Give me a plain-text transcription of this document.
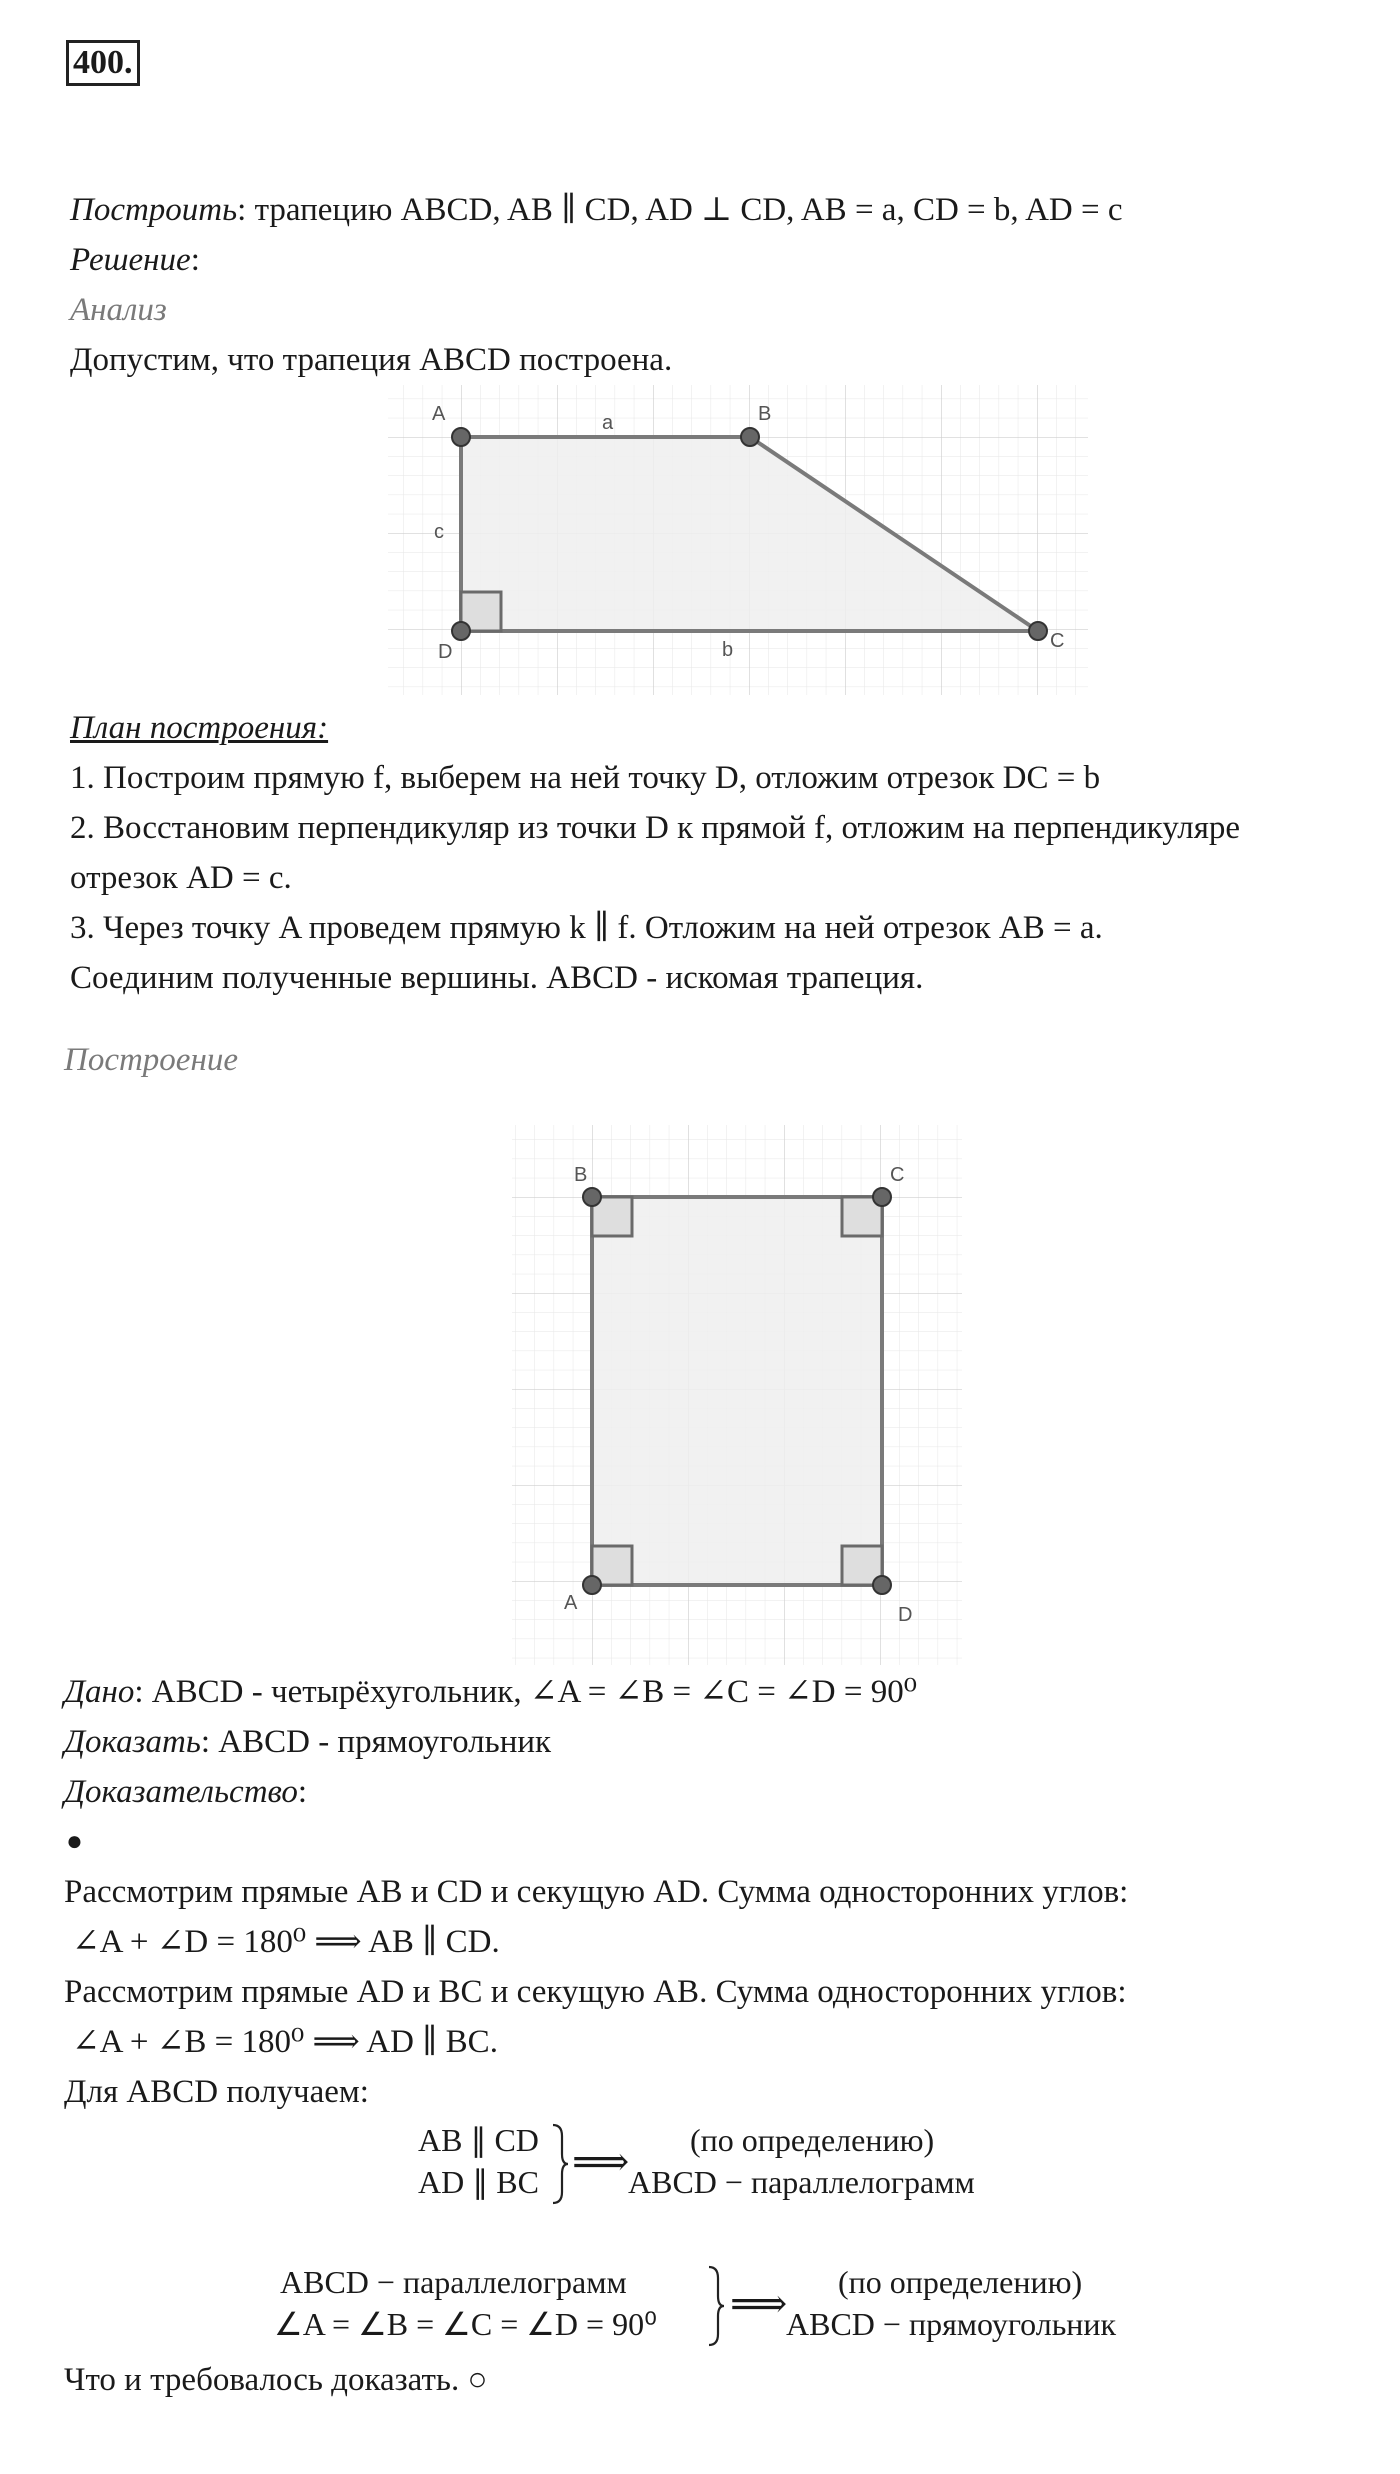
400.
Построить: трапецию ABCD, AB ∥ CD, AD ⊥ CD, AB = a, CD = b, AD = c
Решение:
Анализ
Допустим, что трапеция ABCD построена.
A	B
C
D
a
b
c
План построения:
1. Построим прямую f, выберем на ней точку D, отложим отрезок DC = b
2. Восстановим перпендикуляр из точки D к прямой f, отложим на перпендикуляре
отрезок AD = c.
3. Через точку A проведем прямую k ∥ f. Отложим на ней отрезок AB = a.
Соединим полученные вершины. ABCD - искомая трапеция.
Построение
B	C
A
D
Дано: ABCD - четырёхугольник, ∠A = ∠B = ∠C = ∠D = 90⁰
Доказать: ABCD - прямоугольник
Доказательство:
●
Рассмотрим прямые AB и CD и секущую AD. Сумма односторонних углов:
∠A + ∠D = 180⁰ ⟹ AB ∥ CD.
Рассмотрим прямые AD и BC и секущую AB. Сумма односторонних углов:
∠A + ∠B = 180⁰ ⟹ AD ∥ BC.
Для ABCD получаем:
AB ∥ CD
AD ∥ BC ⟹ (по определению)
ABCD − параллелограмм
ABCD − параллелограмм
∠A = ∠B = ∠C = ∠D = 90⁰ ⟹ (по определению)
ABCD − прямоугольник
Что и требовалось доказать. ○
